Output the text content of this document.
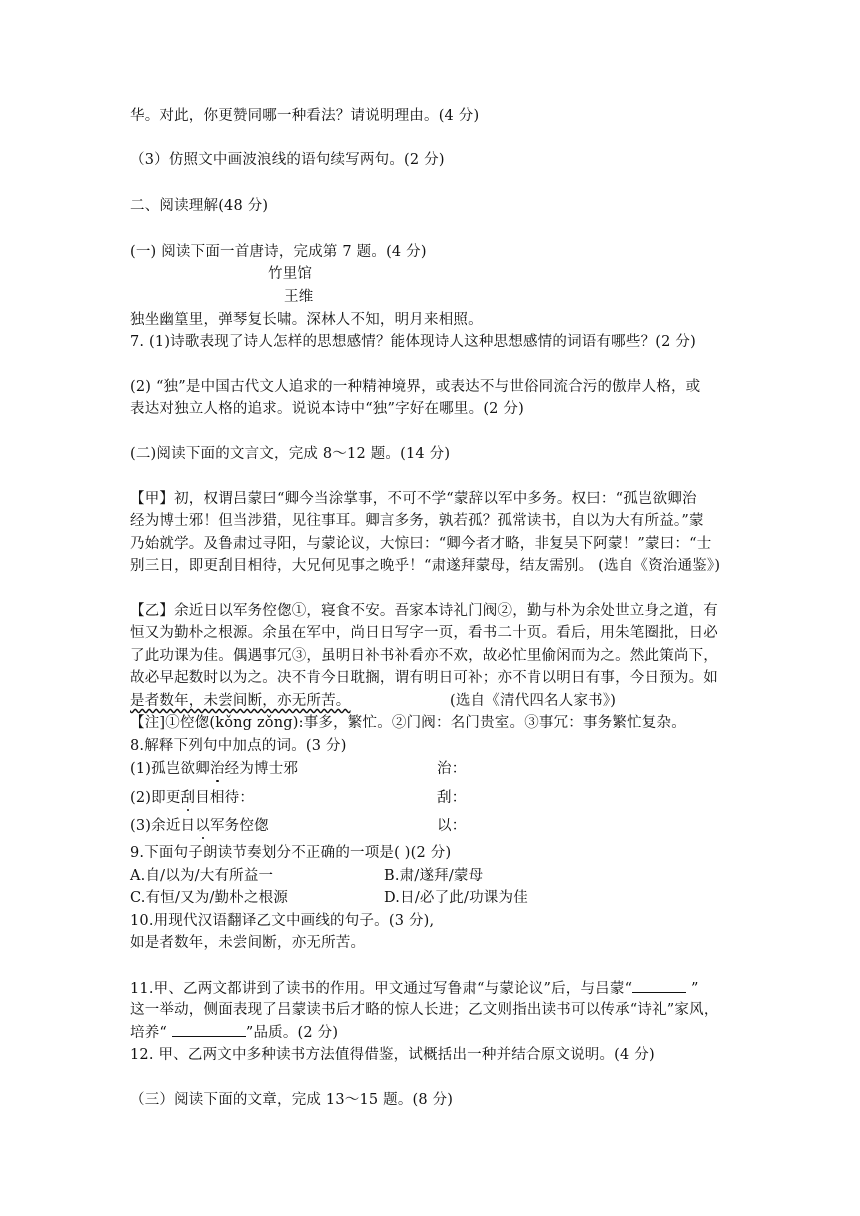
华。对此，你更赞同哪一种看法？请说明理由。(4 分)
（3）仿照文中画波浪线的语句续写两句。(2 分)
二、阅读理解(48 分)
(一) 阅读下面一首唐诗，完成第 7 题。(4 分)
竹里馆
王维
独坐幽篁里，弹琴复长啸。深林人不知，明月来相照。
7. (1)诗歌表现了诗人怎样的思想感情？能体现诗人这种思想感情的词语有哪些？(2 分)
(2) “独”是中国古代文人追求的一种精神境界，或表达不与世俗同流合污的傲岸人格，或
表达对独立人格的追求。说说本诗中“独”字好在哪里。(2 分)
(二)阅读下面的文言文，完成 8～12 题。(14 分)
【甲】初，权谓吕蒙曰“卿今当涂掌事，不可不学“蒙辞以军中多务。权曰：“孤岂欲卿治
经为博士邪！但当涉猎，见往事耳。卿言多务，孰若孤？孤常读书，自以为大有所益。”蒙
乃始就学。及鲁肃过寻阳，与蒙论议，大惊曰：“卿今者才略，非复吴下阿蒙！”蒙曰：“士
别三日，即更刮目相待，大兄何见事之晚乎！“肃遂拜蒙母，结友需别。 (选自《资治通鉴》)
【乙】余近日以军务倥偬①，寝食不安。吾家本诗礼门阀②，勤与朴为余处世立身之道，有
恒又为勤朴之根源。余虽在军中，尚日日写字一页，看书二十页。看后，用朱笔圈批，日必
了此功课为佳。偶遇事冗③，虽明日补书补看亦不欢，故必忙里偷闲而为之。然此策尚下，
故必早起数时以为之。决不肯今日耽搁，谓有明日可补；亦不肯以明日有事，今日预为。如
是者数年，未尝间断，亦无所苦。	(选自《清代四名人家书》)
【注]①倥偬(kǒng zǒng):事多，繁忙。②门阀：名门贵室。③事冗：事务繁忙复杂。
8.解释下列句中加点的词。(3 分)
(1)孤岂欲卿治经为博士邪	治：
(2)即更刮目相待：	刮：
(3)余近日以军务倥偬	以：
9.下面句子朗读节奏划分不正确的一项是( )(2 分)
A.自/以为/大有所益一	B.肃/遂拜/蒙母
C.有恒/又为/勤朴之根源	D.日/必了此/功课为佳
10.用现代汉语翻译乙文中画线的句子。(3 分),
如是者数年，未尝间断，亦无所苦。
11.甲、乙两文都讲到了读书的作用。甲文通过写鲁肃“与蒙论议”后，与吕蒙“	”
这一举动，侧面表现了吕蒙读书后才略的惊人长进；乙文则指出读书可以传承“诗礼”家风，
培养“	”品质。(2 分)
12. 甲、乙两文中多种读书方法值得借鉴，试概括出一种并结合原文说明。(4 分)
（三）阅读下面的文章，完成 13～15 题。(8 分)
